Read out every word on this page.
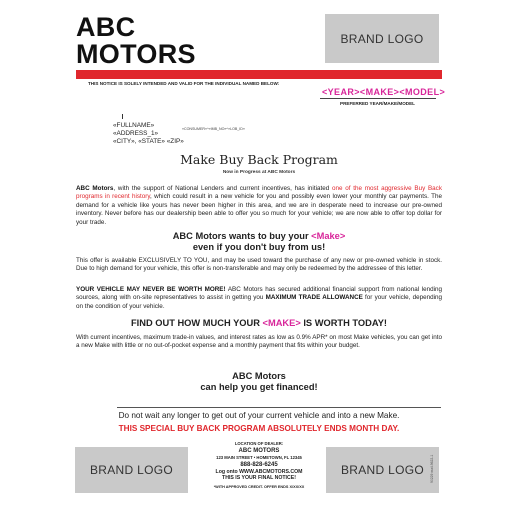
ABC
MOTORS
BRAND LOGO
THIS NOTICE IS SOLELY INTENDED AND VALID FOR THE INDIVIDUAL NAMED BELOW:
<YEAR><MAKE><MODEL>
PREFERRED YEAR/MAKE/MODEL
«FULLNAME»
«ADDRESS_1»
«CITY», «STATE» «ZIP»
«CONSUMER»^»IMB_NO»^»LOB_ID»
Make Buy Back Program
Now in Progress at ABC Motors
ABC Motors, with the support of National Lenders and current incentives, has initiated one of the most aggressive Buy Back programs in recent history, which could result in a new vehicle for you and possibly even lower your monthly car payments. The demand for a vehicle like yours has never been higher in this area, and we are in desperate need to increase our pre-owned inventory. Never before has our dealership been able to offer you so much for your vehicle; we are now able to offer top dollar for your trade.
ABC Motors wants to buy your <Make>
even if you don't buy from us!
This offer is available EXCLUSIVELY TO YOU, and may be used toward the purchase of any new or pre-owned vehicle in stock. Due to high demand for your vehicle, this offer is non-transferable and may only be redeemed by the addressee of this letter.
YOUR VEHICLE MAY NEVER BE WORTH MORE! ABC Motors has secured additional financial support from national lending sources, along with on-site representatives to assist in getting you MAXIMUM TRADE ALLOWANCE for your vehicle, depending on the condition of your vehicle.
FIND OUT HOW MUCH YOUR <MAKE> IS WORTH TODAY!
With current incentives, maximum trade-in values, and interest rates as low as 0.9% APR* on most Make vehicles, you can get into a new Make with little or no out-of-pocket expense and a monthly payment that fits within your budget.
ABC Motors
can help you get financed!
Do not wait any longer to get out of your current vehicle and into a new Make.
THIS SPECIAL BUY BACK PROGRAM ABSOLUTELY ENDS MONTH DAY.
BRAND LOGO	BRAND LOGO
LOCATION OF DEALER:
ABC MOTORS
123 MAIN STREET • HOMETOWN, FL 12345
888-828-6245
Log onto WWW.ABCMOTORS.COM
THIS IS YOUR FINAL NOTICE!
*WITH APPROVED CREDIT. OFFER ENDS X/XX/XX
90229 mail-9622-1
